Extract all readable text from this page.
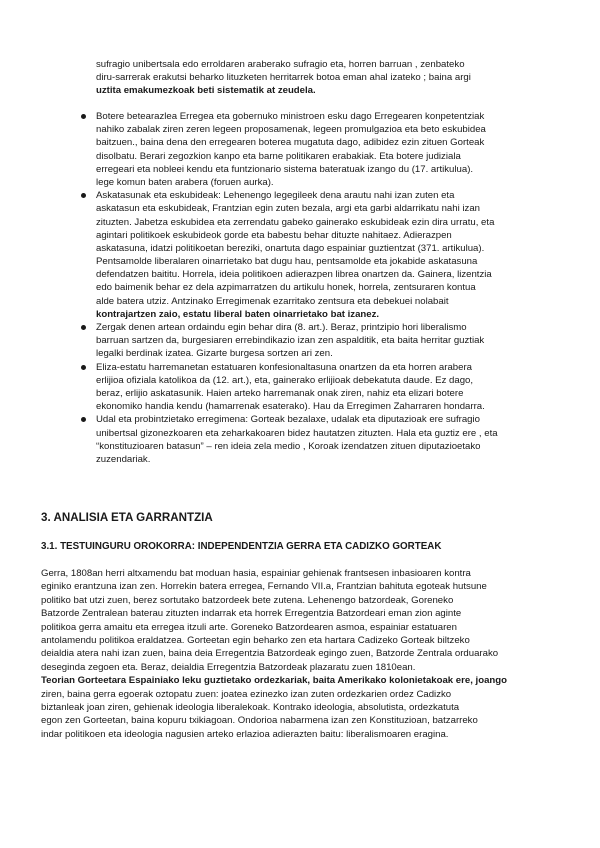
sufragio unibertsala edo erroldaren araberako sufragio eta, horren barruan , zenbateko
diru-sarrerak erakutsi beharko lituzketen herritarrek botoa eman ahal izateko ; baina argi
uztita emakumezkoak beti sistematik at zeudela.
Botere betearazlea Erregea eta gobernuko ministroen esku dago Erregearen konpetentziak
nahiko zabalak ziren zeren legeen proposamenak, legeen promulgazioa eta beto eskubidea
baitzuen., baina dena den erregearen boterea mugatuta dago, adibidez ezin zituen Gorteak
disolbatu. Berari zegozkion kanpo eta barne politikaren erabakiak. Eta botere judiziala
erregeari eta nobleei kendu eta funtzionario sistema bateratuak izango du (17. artikulua).
lege komun baten arabera (foruen aurka).
Askatasunak eta eskubideak: Lehenengo legegileek dena arautu nahi izan zuten eta
askatasun eta eskubideak, Frantzian egin zuten bezala, argi eta garbi aldarrikatu nahi izan
zituzten. Jabetza eskubidea eta zerrendatu gabeko gainerako eskubideak ezin dira urratu, eta
agintari politikoek eskubideok gorde eta babestu behar dituzte nahitaez. Adierazpen
askatasuna, idatzi politikoetan bereziki, onartuta dago espainiar guztientzat (371. artikulua).
Pentsamolde liberalaren oinarrietako bat dugu hau, pentsamolde eta jokabide askatasuna
defendatzen baititu. Horrela, ideia politikoen adierazpen librea onartzen da. Gainera, lizentzia
edo baimenik behar ez dela azpimarratzen du artikulu honek, horrela, zentsuraren kontua
alde batera utziz. Antzinako Erregimenak ezarritako zentsura eta debekuei nolabait
kontrajartzen zaio, estatu liberal baten oinarrietako bat izanez.
Zergak denen artean ordaindu egin behar dira (8. art.). Beraz, printzipio hori liberalismo
barruan sartzen da, burgesiaren errebindikazio izan zen aspalditik, eta baita herritar guztiak
legalki berdinak izatea. Gizarte burgesa sortzen ari zen.
Eliza-estatu harremanetan estatuaren konfesionaltasuna onartzen da eta horren arabera
erlijioa ofiziala katolikoa da (12. art.), eta, gainerako erlijioak debekatuta daude. Ez dago,
beraz, erlijio askatasunik. Haien arteko harremanak onak ziren, nahiz eta elizari botere
ekonomiko handia kendu (hamarrenak esaterako). Hau da Erregimen Zaharraren hondarra.
Udal eta probintzietako erregimena: Gorteak bezalaxe, udalak eta diputazioak ere sufragio
unibertsal gizonezkoaren eta zeharkakoaren bidez hautatzen zituzten. Hala eta guztiz ere , eta
“konstituzioaren batasun” – ren ideia zela medio , Koroak izendatzen zituen diputazioetako
zuzendariak.
3. ANALISIA ETA GARRANTZIA
3.1. TESTUINGURU OROKORRA: INDEPENDENTZIA GERRA ETA CADIZKO GORTEAK
Gerra, 1808an herri altxamendu bat moduan hasia, espainiar gehienak frantsesen inbasioaren kontra
eginiko erantzuna izan zen. Horrekin batera erregea, Fernando VII.a, Frantzian bahituta egoteak hutsune
politiko bat utzi zuen, berez sortutako batzordeek bete zutena. Lehenengo batzordeak, Goreneko
Batzorde Zentralean baterau zituzten indarrak eta horrek Erregentzia Batzordeari eman zion aginte
politikoa gerra amaitu eta erregea itzuli arte. Goreneko Batzordearen asmoa, espainiar estatuaren
antolamendu politikoa eraldatzea. Gorteetan egin beharko zen eta hartara Cadizeko Gorteak biltzeko
deialdia atera nahi izan zuen, baina deia Erregentzia Batzordeak egingo zuen, Batzorde Zentrala orduarako
deseginda zegoen eta. Beraz, deialdia Erregentzia Batzordeak plazaratu zuen 1810ean.
Teorian Gorteetara Espainiako leku guztietako ordezkariak, baita Amerikako kolonietakoak ere, joango
ziren, baina gerra egoerak oztopatu zuen: joatea ezinezko izan zuten ordezkarien ordez Cadizko
biztanleak joan ziren, gehienak ideologia liberalekoak. Kontrako ideologia, absolutista, ordezkatuta
egon zen Gorteetan, baina kopuru txikiagoan. Ondorioa nabarmena izan zen Konstituzioan, batzarreko
indar politikoen eta ideologia nagusien arteko erlazioa adierazten baitu: liberalismoaren eragina.
